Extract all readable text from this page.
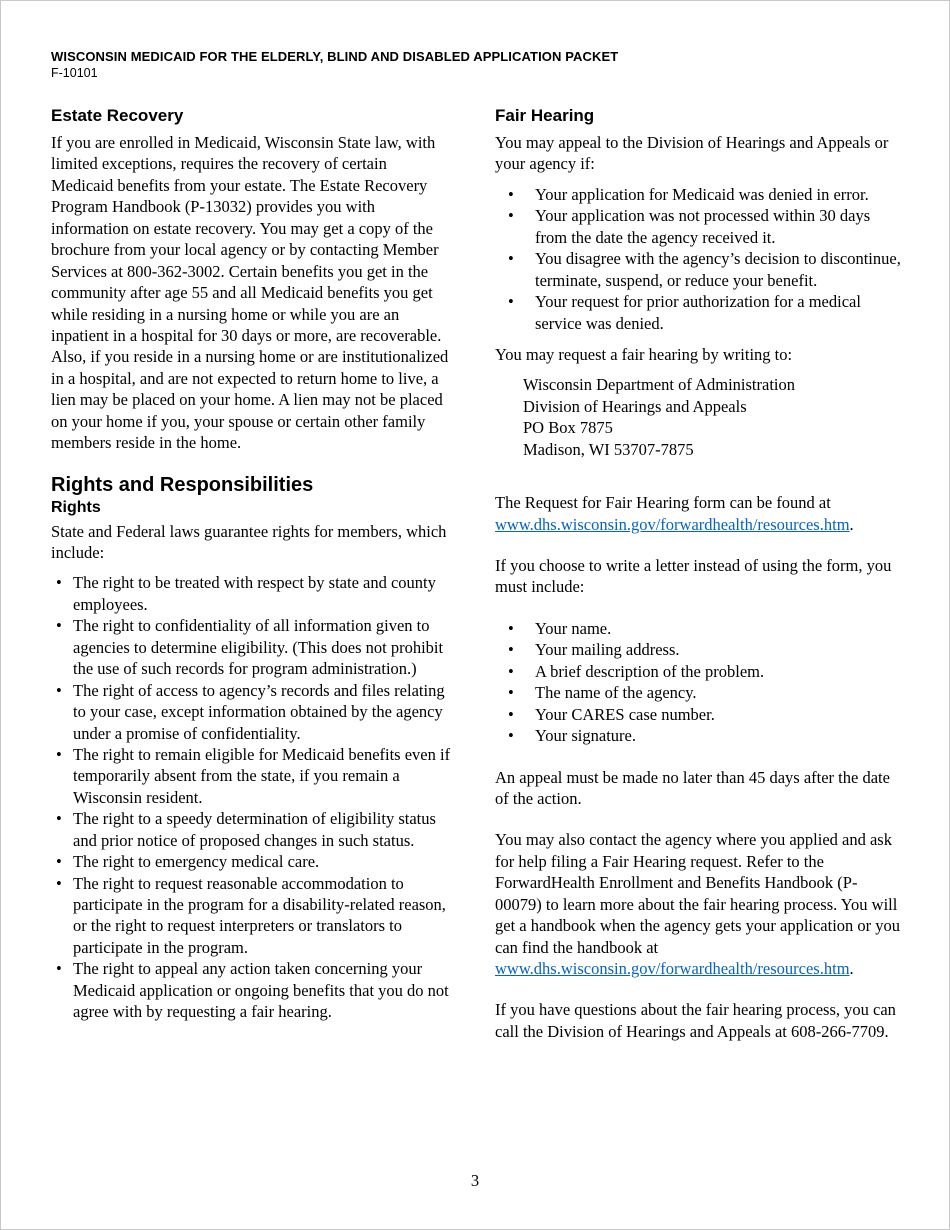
WISCONSIN MEDICAID FOR THE ELDERLY, BLIND AND DISABLED APPLICATION PACKET
F-10101
Estate Recovery

If you are enrolled in Medicaid, Wisconsin State law, with limited exceptions, requires the recovery of certain Medicaid benefits from your estate. The Estate Recovery Program Handbook (P-13032) provides you with information on estate recovery. You may get a copy of the brochure from your local agency or by contacting Member Services at 800-362-3002. Certain benefits you get in the community after age 55 and all Medicaid benefits you get while residing in a nursing home or while you are an inpatient in a hospital for 30 days or more, are recoverable. Also, if you reside in a nursing home or are institutionalized in a hospital, and are not expected to return home to live, a lien may be placed on your home. A lien may not be placed on your home if you, your spouse or certain other family members reside in the home.

Rights and Responsibilities
Rights

State and Federal laws guarantee rights for members, which include:

• The right to be treated with respect by state and county employees.
• The right to confidentiality of all information given to agencies to determine eligibility. (This does not prohibit the use of such records for program administration.)
• The right of access to agency’s records and files relating to your case, except information obtained by the agency under a promise of confidentiality.
• The right to remain eligible for Medicaid benefits even if temporarily absent from the state, if you remain a Wisconsin resident.
• The right to a speedy determination of eligibility status and prior notice of proposed changes in such status.
• The right to emergency medical care.
• The right to request reasonable accommodation to participate in the program for a disability-related reason, or the right to request interpreters or translators to participate in the program.
• The right to appeal any action taken concerning your Medicaid application or ongoing benefits that you do not agree with by requesting a fair hearing.
Fair Hearing

You may appeal to the Division of Hearings and Appeals or your agency if:

• Your application for Medicaid was denied in error.
• Your application was not processed within 30 days from the date the agency received it.
• You disagree with the agency’s decision to discontinue, terminate, suspend, or reduce your benefit.
• Your request for prior authorization for a medical service was denied.

You may request a fair hearing by writing to:

Wisconsin Department of Administration
Division of Hearings and Appeals
PO Box 7875
Madison, WI 53707-7875

The Request for Fair Hearing form can be found at www.dhs.wisconsin.gov/forwardhealth/resources.htm.

If you choose to write a letter instead of using the form, you must include:

• Your name.
• Your mailing address.
• A brief description of the problem.
• The name of the agency.
• Your CARES case number.
• Your signature.

An appeal must be made no later than 45 days after the date of the action.

You may also contact the agency where you applied and ask for help filing a Fair Hearing request. Refer to the ForwardHealth Enrollment and Benefits Handbook (P-00079) to learn more about the fair hearing process. You will get a handbook when the agency gets your application or you can find the handbook at www.dhs.wisconsin.gov/forwardhealth/resources.htm.

If you have questions about the fair hearing process, you can call the Division of Hearings and Appeals at 608-266-7709.

3
